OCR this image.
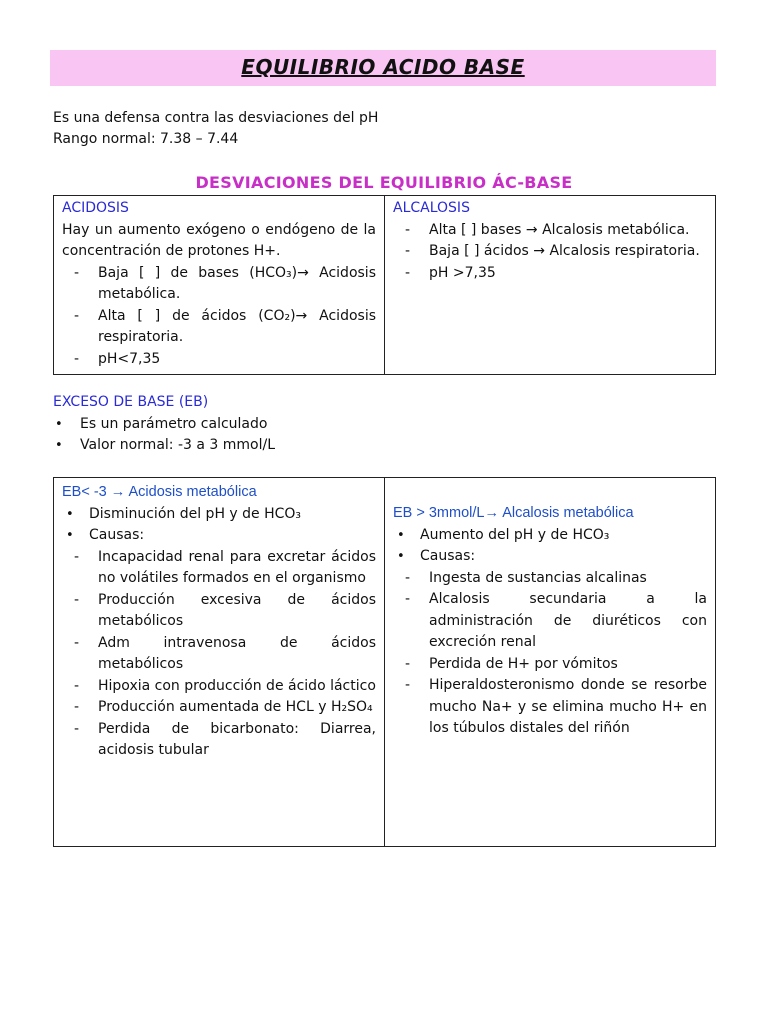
EQUILIBRIO ACIDO BASE
Es una defensa contra las desviaciones del pH
Rango normal: 7.38 – 7.44
DESVIACIONES DEL EQUILIBRIO ÁC-BASE
ACIDOSIS
Hay un aumento exógeno o endógeno de la concentración de protones H+.
- Baja [ ] de bases (HCO₃)→ Acidosis metabólica.
- Alta [ ] de ácidos (CO₂)→ Acidosis respiratoria.
- pH<7,35

ALCALOSIS
- Alta [ ] bases → Alcalosis metabólica.
- Baja [ ] ácidos → Alcalosis respiratoria.
- pH >7,35
EXCESO DE BASE (EB)
• Es un parámetro calculado
• Valor normal: -3 a 3 mmol/L
EB< -3 → Acidosis metabólica
• Disminución del pH y de HCO₃
• Causas:
- Incapacidad renal para excretar ácidos no volátiles formados en el organismo
- Producción excesiva de ácidos metabólicos
- Adm intravenosa de ácidos metabólicos
- Hipoxia con producción de ácido láctico
- Producción aumentada de HCL y H₂SO₄
- Perdida de bicarbonato: Diarrea, acidosis tubular

EB > 3mmol/L→ Alcalosis metabólica
• Aumento del pH y de HCO₃
• Causas:
- Ingesta de sustancias alcalinas
- Alcalosis secundaria a la administración de diuréticos con excreción renal
- Perdida de H+ por vómitos
- Hiperaldosteronismo donde se resorbe mucho Na+ y se elimina mucho H+ en los túbulos distales del riñón
